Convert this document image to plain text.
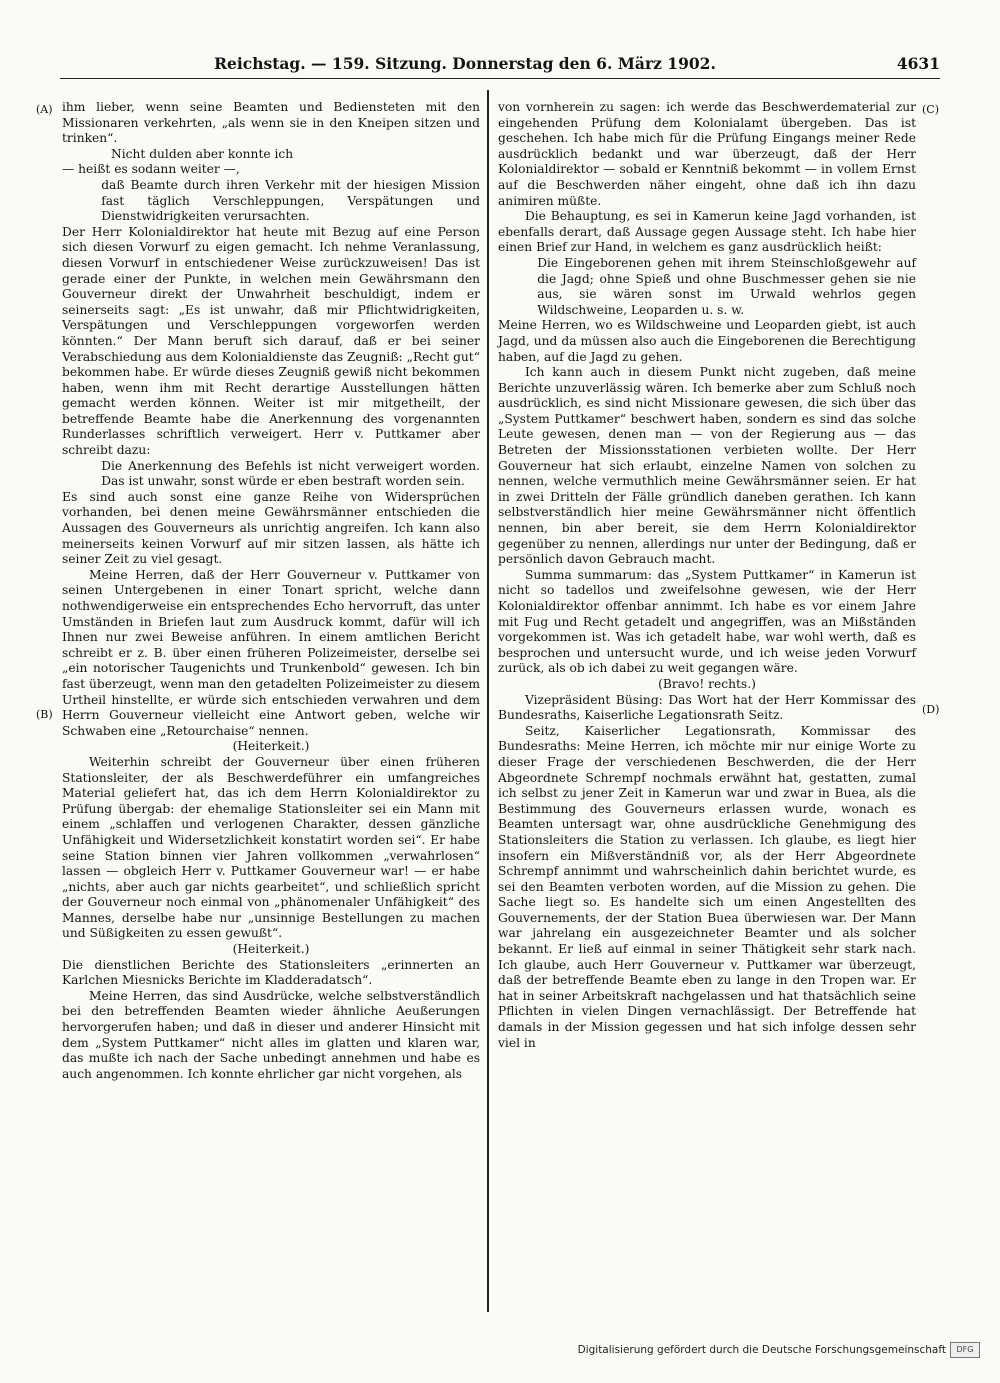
Reichstag. — 159. Sitzung. Donnerstag den 6. März 1902.	4631
(A)
(B)
(C)
(D)

ihm lieber, wenn seine Beamten und Bediensteten mit den Missionaren verkehrten, „als wenn sie in den Kneipen sitzen und trinken“.

Nicht dulden aber konnte ich

— heißt es sodann weiter —,

daß Beamte durch ihren Verkehr mit der hiesigen Mission fast täglich Verschleppungen, Verspätungen und Dienstwidrigkeiten verursachten.

Der Herr Kolonialdirektor hat heute mit Bezug auf eine Person sich diesen Vorwurf zu eigen gemacht. Ich nehme Veranlassung, diesen Vorwurf in entschiedener Weise zurückzuweisen! Das ist gerade einer der Punkte, in welchen mein Gewährsmann den Gouverneur direkt der Unwahrheit beschuldigt, indem er seinerseits sagt: „Es ist unwahr, daß mir Pflichtwidrigkeiten, Verspätungen und Verschleppungen vorgeworfen werden könnten.“ Der Mann beruft sich darauf, daß er bei seiner Verabschiedung aus dem Kolonialdienste das Zeugniß: „Recht gut“ bekommen habe. Er würde dieses Zeugniß gewiß nicht bekommen haben, wenn ihm mit Recht derartige Ausstellungen hätten gemacht werden können. Weiter ist mir mitgetheilt, der betreffende Beamte habe die Anerkennung des vorgenannten Runderlasses schriftlich verweigert. Herr v. Puttkamer aber schreibt dazu:

Die Anerkennung des Befehls ist nicht verweigert worden. Das ist unwahr, sonst würde er eben bestraft worden sein.

Es sind auch sonst eine ganze Reihe von Widersprüchen vorhanden, bei denen meine Gewährsmänner entschieden die Aussagen des Gouverneurs als unrichtig angreifen. Ich kann also meinerseits keinen Vorwurf auf mir sitzen lassen, als hätte ich seiner Zeit zu viel gesagt.

Meine Herren, daß der Herr Gouverneur v. Puttkamer von seinen Untergebenen in einer Tonart spricht, welche dann nothwendigerweise ein entsprechendes Echo hervorruft, das unter Umständen in Briefen laut zum Ausdruck kommt, dafür will ich Ihnen nur zwei Beweise anführen. In einem amtlichen Bericht schreibt er z. B. über einen früheren Polizeimeister, derselbe sei „ein notorischer Taugenichts und Trunkenbold“ gewesen. Ich bin fast überzeugt, wenn man den getadelten Polizeimeister zu diesem Urtheil hinstellte, er würde sich entschieden verwahren und dem Herrn Gouverneur vielleicht eine Antwort geben, welche wir Schwaben eine „Retourchaise“ nennen.

(Heiterkeit.)

Weiterhin schreibt der Gouverneur über einen früheren Stationsleiter, der als Beschwerdeführer ein umfangreiches Material geliefert hat, das ich dem Herrn Kolonialdirektor zu Prüfung übergab: der ehemalige Stationsleiter sei ein Mann mit einem „schlaffen und verlogenen Charakter, dessen gänzliche Unfähigkeit und Widersetzlichkeit konstatirt worden sei“. Er habe seine Station binnen vier Jahren vollkommen „verwahrlosen“ lassen — obgleich Herr v. Puttkamer Gouverneur war! — er habe „nichts, aber auch gar nichts gearbeitet“, und schließlich spricht der Gouverneur noch einmal von „phänomenaler Unfähigkeit“ des Mannes, derselbe habe nur „unsinnige Bestellungen zu machen und Süßigkeiten zu essen gewußt“.

(Heiterkeit.)

Die dienstlichen Berichte des Stationsleiters „erinnerten an Karlchen Miesnicks Berichte im Kladderadatsch“.

Meine Herren, das sind Ausdrücke, welche selbstverständlich bei den betreffenden Beamten wieder ähnliche Aeußerungen hervorgerufen haben; und daß in dieser und anderer Hinsicht mit dem „System Puttkamer“ nicht alles im glatten und klaren war, das mußte ich nach der Sache unbedingt annehmen und habe es auch angenommen. Ich konnte ehrlicher gar nicht vorgehen, als

von vornherein zu sagen: ich werde das Beschwerdematerial zur eingehenden Prüfung dem Kolonialamt übergeben. Das ist geschehen. Ich habe mich für die Prüfung Eingangs meiner Rede ausdrücklich bedankt und war überzeugt, daß der Herr Kolonialdirektor — sobald er Kenntniß bekommt — in vollem Ernst auf die Beschwerden näher eingeht, ohne daß ich ihn dazu animiren müßte.

Die Behauptung, es sei in Kamerun keine Jagd vorhanden, ist ebenfalls derart, daß Aussage gegen Aussage steht. Ich habe hier einen Brief zur Hand, in welchem es ganz ausdrücklich heißt:

Die Eingeborenen gehen mit ihrem Steinschloßgewehr auf die Jagd; ohne Spieß und ohne Buschmesser gehen sie nie aus, sie wären sonst im Urwald wehrlos gegen Wildschweine, Leoparden u. s. w.

Meine Herren, wo es Wildschweine und Leoparden giebt, ist auch Jagd, und da müssen also auch die Eingeborenen die Berechtigung haben, auf die Jagd zu gehen.

Ich kann auch in diesem Punkt nicht zugeben, daß meine Berichte unzuverlässig wären. Ich bemerke aber zum Schluß noch ausdrücklich, es sind nicht Missionare gewesen, die sich über das „System Puttkamer“ beschwert haben, sondern es sind das solche Leute gewesen, denen man — von der Regierung aus — das Betreten der Missionsstationen verbieten wollte. Der Herr Gouverneur hat sich erlaubt, einzelne Namen von solchen zu nennen, welche vermuthlich meine Gewährsmänner seien. Er hat in zwei Dritteln der Fälle gründlich daneben gerathen. Ich kann selbstverständlich hier meine Gewährsmänner nicht öffentlich nennen, bin aber bereit, sie dem Herrn Kolonialdirektor gegenüber zu nennen, allerdings nur unter der Bedingung, daß er persönlich davon Gebrauch macht.

Summa summarum: das „System Puttkamer“ in Kamerun ist nicht so tadellos und zweifelsohne gewesen, wie der Herr Kolonialdirektor offenbar annimmt. Ich habe es vor einem Jahre mit Fug und Recht getadelt und angegriffen, was an Mißständen vorgekommen ist. Was ich getadelt habe, war wohl werth, daß es besprochen und untersucht wurde, und ich weise jeden Vorwurf zurück, als ob ich dabei zu weit gegangen wäre.

(Bravo! rechts.)

Vizepräsident Büsing: Das Wort hat der Herr Kommissar des Bundesraths, Kaiserliche Legationsrath Seitz.

Seitz, Kaiserlicher Legationsrath, Kommissar des Bundesraths: Meine Herren, ich möchte mir nur einige Worte zu dieser Frage der verschiedenen Beschwerden, die der Herr Abgeordnete Schrempf nochmals erwähnt hat, gestatten, zumal ich selbst zu jener Zeit in Kamerun war und zwar in Buea, als die Bestimmung des Gouverneurs erlassen wurde, wonach es Beamten untersagt war, ohne ausdrückliche Genehmigung des Stationsleiters die Station zu verlassen. Ich glaube, es liegt hier insofern ein Mißverständniß vor, als der Herr Abgeordnete Schrempf annimmt und wahrscheinlich dahin berichtet wurde, es sei den Beamten verboten worden, auf die Mission zu gehen. Die Sache liegt so. Es handelte sich um einen Angestellten des Gouvernements, der der Station Buea überwiesen war. Der Mann war jahrelang ein ausgezeichneter Beamter und als solcher bekannt. Er ließ auf einmal in seiner Thätigkeit sehr stark nach. Ich glaube, auch Herr Gouverneur v. Puttkamer war überzeugt, daß der betreffende Beamte eben zu lange in den Tropen war. Er hat in seiner Arbeitskraft nachgelassen und hat thatsächlich seine Pflichten in vielen Dingen vernachlässigt. Der Betreffende hat damals in der Mission gegessen und hat sich infolge dessen sehr viel in

Digitalisierung gefördert durch die Deutsche Forschungsgemeinschaft	DFG
